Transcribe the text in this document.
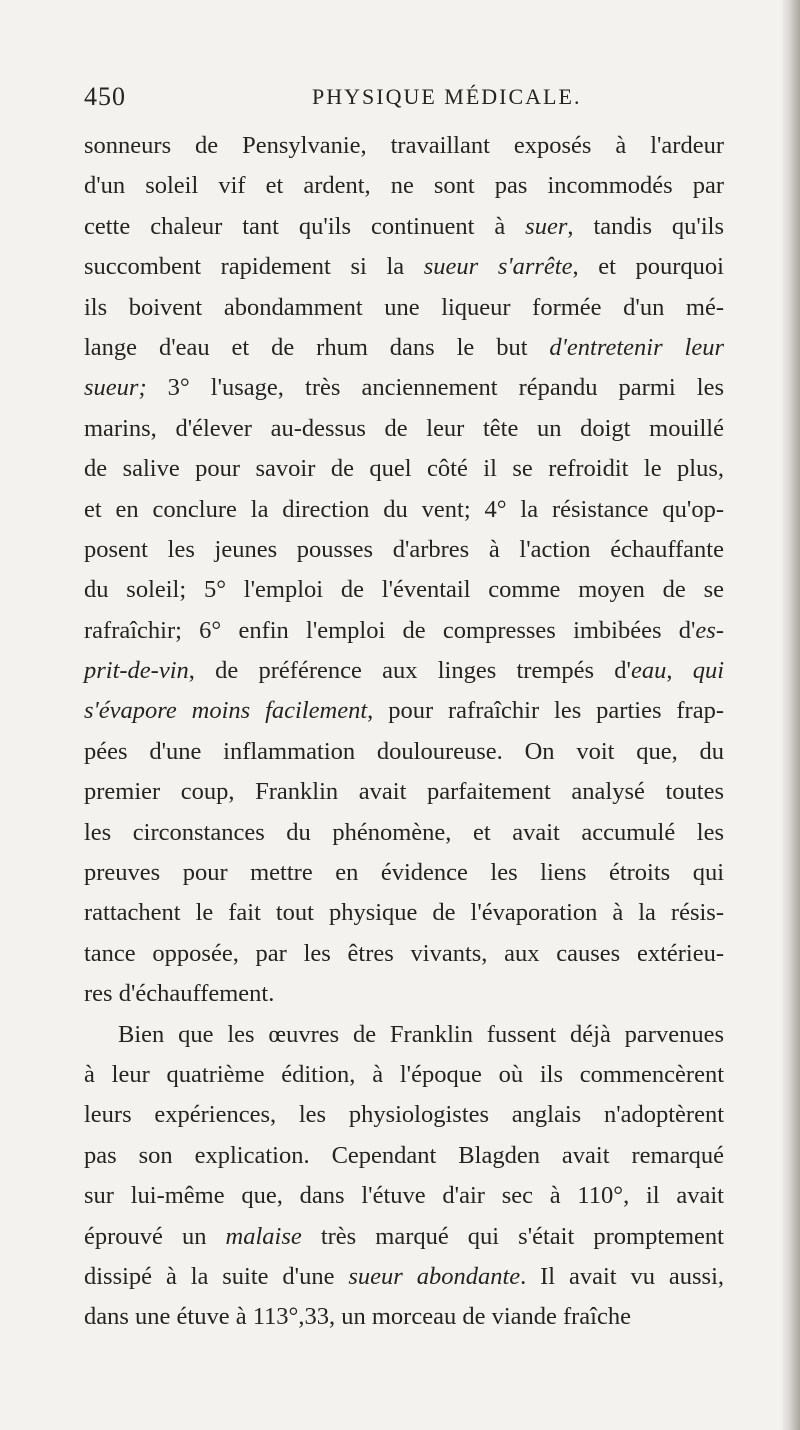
450	PHYSIQUE MÉDICALE.
sonneurs de Pensylvanie, travaillant exposés à l'ardeur
d'un soleil vif et ardent, ne sont pas incommodés par
cette chaleur tant qu'ils continuent à suer, tandis qu'ils
succombent rapidement si la sueur s'arrête, et pourquoi
ils boivent abondamment une liqueur formée d'un mé-
lange d'eau et de rhum dans le but d'entretenir leur
sueur; 3° l'usage, très anciennement répandu parmi les
marins, d'élever au-dessus de leur tête un doigt mouillé
de salive pour savoir de quel côté il se refroidit le plus,
et en conclure la direction du vent; 4° la résistance qu'op-
posent les jeunes pousses d'arbres à l'action échauffante
du soleil; 5° l'emploi de l'éventail comme moyen de se
rafraîchir; 6° enfin l'emploi de compresses imbibées d'es-
prit-de-vin, de préférence aux linges trempés d'eau, qui
s'évapore moins facilement, pour rafraîchir les parties frap-
pées d'une inflammation douloureuse. On voit que, du
premier coup, Franklin avait parfaitement analysé toutes
les circonstances du phénomène, et avait accumulé les
preuves pour mettre en évidence les liens étroits qui
rattachent le fait tout physique de l'évaporation à la résis-
tance opposée, par les êtres vivants, aux causes extérieu-
res d'échauffement.
Bien que les œuvres de Franklin fussent déjà parvenues
à leur quatrième édition, à l'époque où ils commencèrent
leurs expériences, les physiologistes anglais n'adoptèrent
pas son explication. Cependant Blagden avait remarqué
sur lui-même que, dans l'étuve d'air sec à 110°, il avait
éprouvé un malaise très marqué qui s'était promptement
dissipé à la suite d'une sueur abondante. Il avait vu aussi,
dans une étuve à 113°,33, un morceau de viande fraîche
